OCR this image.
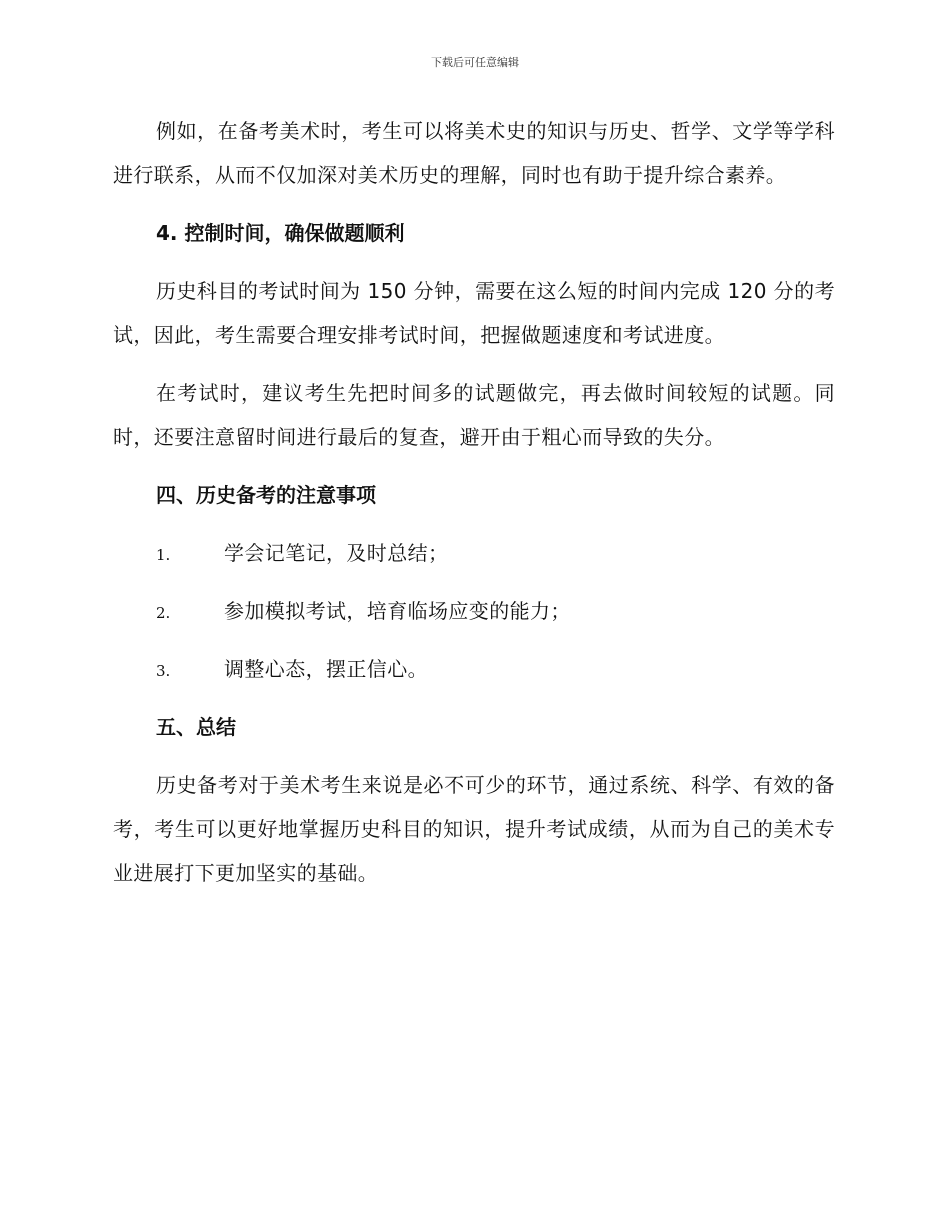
下载后可任意编辑

例如，在备考美术时，考生可以将美术史的知识与历史、哲学、文学等学科进行联系，从而不仅加深对美术历史的理解，同时也有助于提升综合素养。

4. 控制时间，确保做题顺利

历史科目的考试时间为 150 分钟，需要在这么短的时间内完成 120 分的考试，因此，考生需要合理安排考试时间，把握做题速度和考试进度。

在考试时，建议考生先把时间多的试题做完，再去做时间较短的试题。同时，还要注意留时间进行最后的复查，避开由于粗心而导致的失分。

四、历史备考的注意事项

1.	学会记笔记，及时总结；
2.	参加模拟考试，培育临场应变的能力；
3.	调整心态，摆正信心。

五、总结

历史备考对于美术考生来说是必不可少的环节，通过系统、科学、有效的备考，考生可以更好地掌握历史科目的知识，提升考试成绩，从而为自己的美术专业进展打下更加坚实的基础。
